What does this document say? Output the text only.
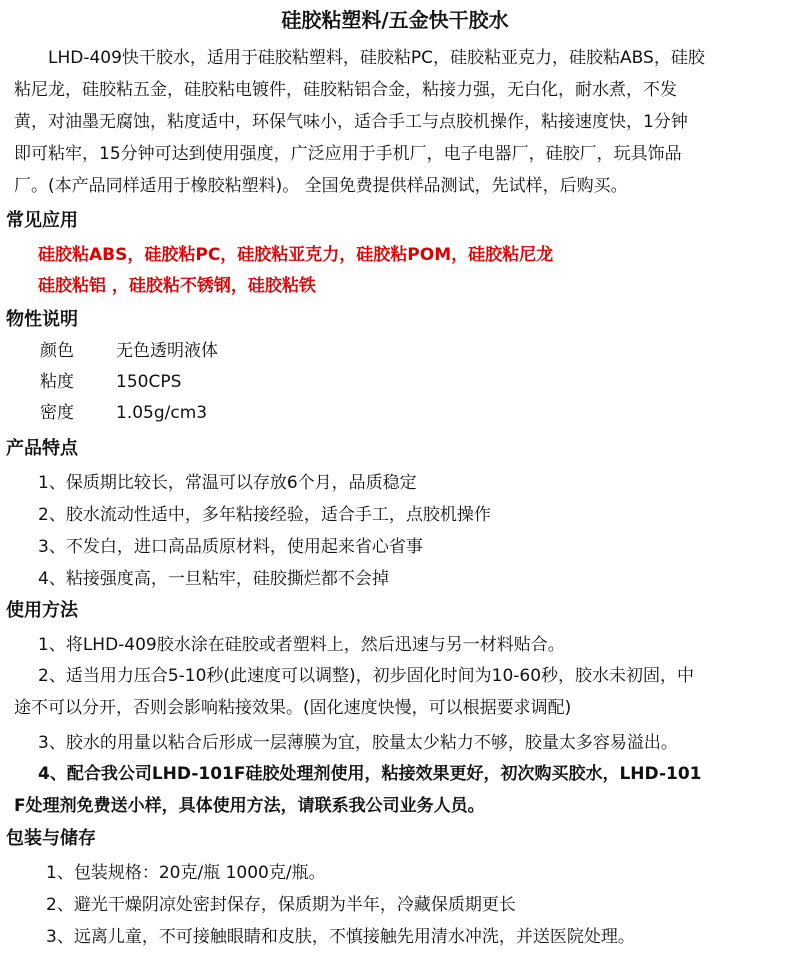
硅胶粘塑料/五金快干胶水
LHD-409快干胶水，适用于硅胶粘塑料，硅胶粘PC，硅胶粘亚克力，硅胶粘ABS，硅胶
粘尼龙，硅胶粘五金，硅胶粘电镀件，硅胶粘铝合金，粘接力强，无白化，耐水煮，不发
黄，对油墨无腐蚀，粘度适中，环保气味小，适合手工与点胶机操作，粘接速度快，1分钟
即可粘牢，15分钟可达到使用强度，广泛应用于手机厂，电子电器厂，硅胶厂，玩具饰品
厂。(本产品同样适用于橡胶粘塑料)。 全国免费提供样品测试，先试样，后购买。
常见应用
硅胶粘ABS，硅胶粘PC，硅胶粘亚克力，硅胶粘POM，硅胶粘尼龙
硅胶粘铝 ，硅胶粘不锈钢，硅胶粘铁
物性说明
颜色 无色透明液体
粘度 150CPS
密度 1.05g/cm3
产品特点
1、保质期比较长，常温可以存放6个月，品质稳定
2、胶水流动性适中，多年粘接经验，适合手工，点胶机操作
3、不发白，进口高品质原材料，使用起来省心省事
4、粘接强度高，一旦粘牢，硅胶撕烂都不会掉
使用方法
1、将LHD-409胶水涂在硅胶或者塑料上，然后迅速与另一材料贴合。
2、适当用力压合5-10秒(此速度可以调整)，初步固化时间为10-60秒，胶水未初固，中
途不可以分开，否则会影响粘接效果。(固化速度快慢，可以根据要求调配)
3、胶水的用量以粘合后形成一层薄膜为宜，胶量太少粘力不够，胶量太多容易溢出。
4、配合我公司LHD-101F硅胶处理剂使用，粘接效果更好，初次购买胶水，LHD-101
F处理剂免费送小样，具体使用方法，请联系我公司业务人员。
包装与储存
1、包装规格：20克/瓶 1000克/瓶。
2、避光干燥阴凉处密封保存，保质期为半年，冷藏保质期更长
3、远离儿童，不可接触眼睛和皮肤，不慎接触先用清水冲洗，并送医院处理。
